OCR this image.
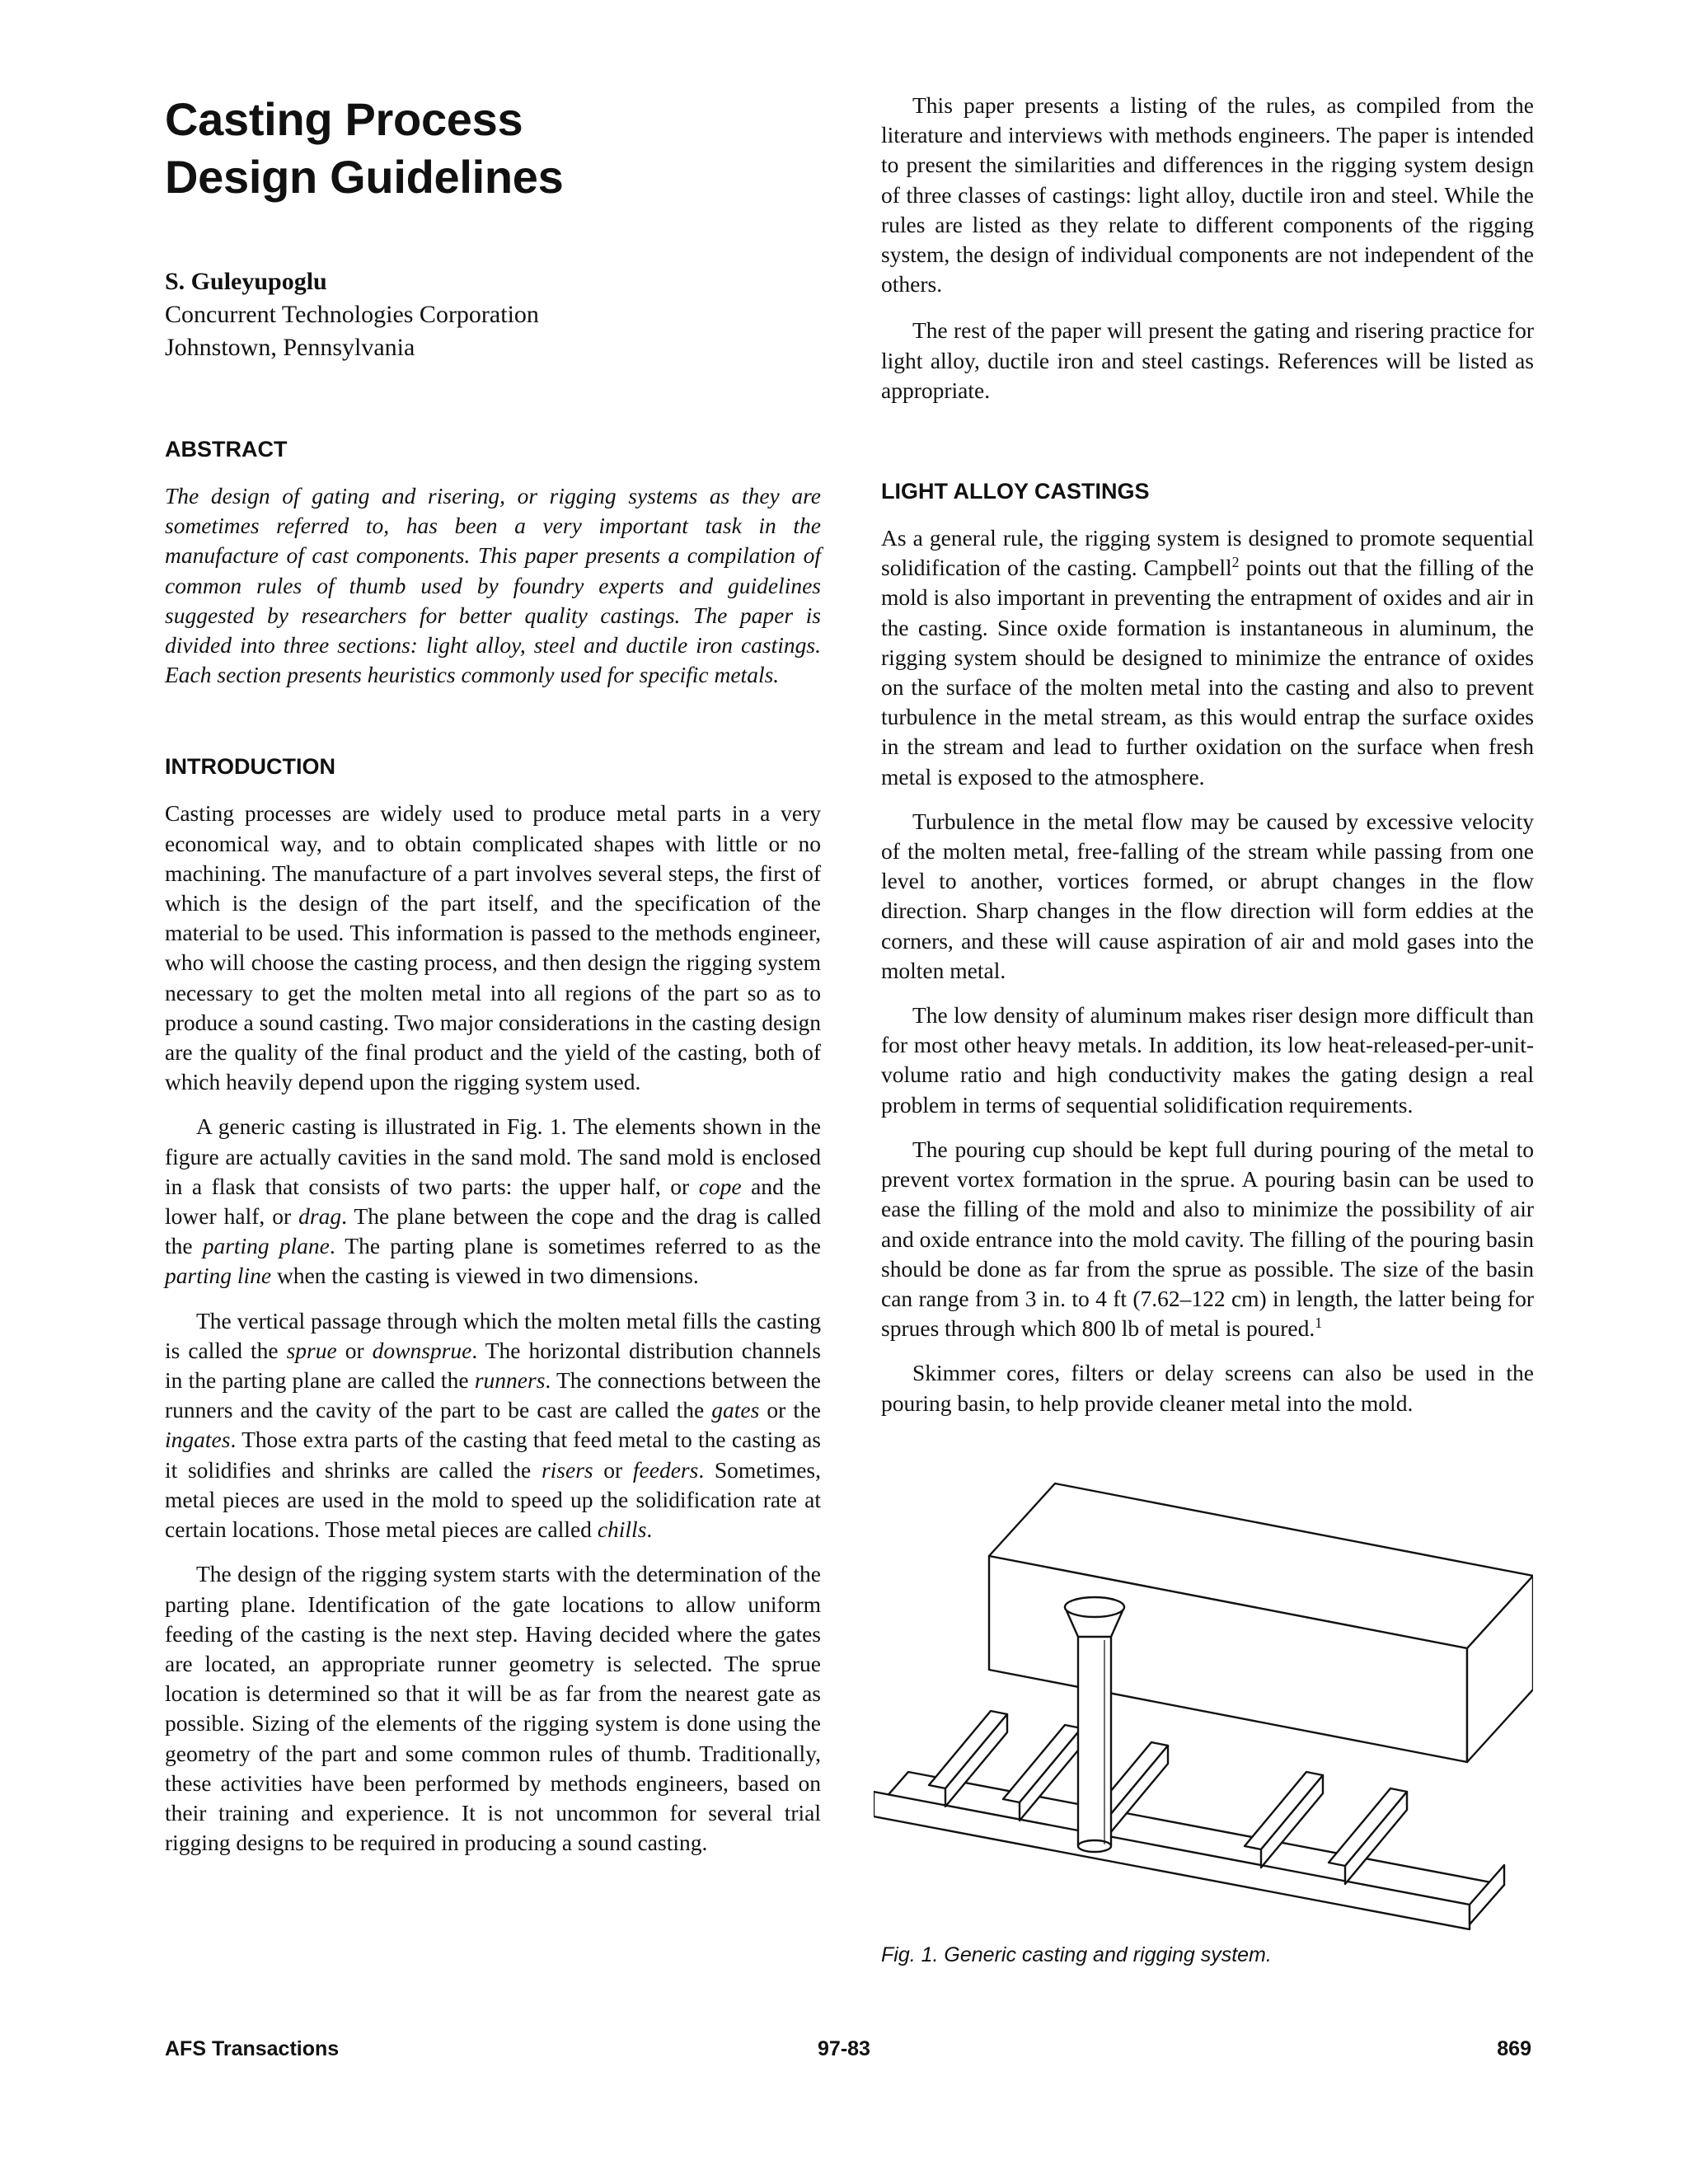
Casting Process
Design Guidelines
S. Guleyupoglu
Concurrent Technologies Corporation
Johnstown, Pennsylvania
ABSTRACT

The design of gating and risering, or rigging systems as they are sometimes referred to, has been a very important task in the manufacture of cast components. This paper presents a compilation of common rules of thumb used by foundry experts and guidelines suggested by researchers for better quality castings. The paper is divided into three sections: light alloy, steel and ductile iron castings. Each section presents heuristics commonly used for specific metals.

INTRODUCTION

Casting processes are widely used to produce metal parts in a very economical way, and to obtain complicated shapes with little or no machining. The manufacture of a part involves several steps, the first of which is the design of the part itself, and the specification of the material to be used. This information is passed to the methods engineer, who will choose the casting process, and then design the rigging system necessary to get the molten metal into all regions of the part so as to produce a sound casting. Two major considerations in the casting design are the quality of the final product and the yield of the casting, both of which heavily depend upon the rigging system used.

A generic casting is illustrated in Fig. 1. The elements shown in the figure are actually cavities in the sand mold. The sand mold is enclosed in a flask that consists of two parts: the upper half, or cope and the lower half, or drag. The plane between the cope and the drag is called the parting plane. The parting plane is sometimes referred to as the parting line when the casting is viewed in two dimensions.

The vertical passage through which the molten metal fills the casting is called the sprue or downsprue. The horizontal distribution channels in the parting plane are called the runners. The connections between the runners and the cavity of the part to be cast are called the gates or the ingates. Those extra parts of the casting that feed metal to the casting as it solidifies and shrinks are called the risers or feeders. Sometimes, metal pieces are used in the mold to speed up the solidification rate at certain locations. Those metal pieces are called chills.

The design of the rigging system starts with the determination of the parting plane. Identification of the gate locations to allow uniform feeding of the casting is the next step. Having decided where the gates are located, an appropriate runner geometry is selected. The sprue location is determined so that it will be as far from the nearest gate as possible. Sizing of the elements of the rigging system is done using the geometry of the part and some common rules of thumb. Traditionally, these activities have been performed by methods engineers, based on their training and experience. It is not uncommon for several trial rigging designs to be required in producing a sound casting.

This paper presents a listing of the rules, as compiled from the literature and interviews with methods engineers. The paper is intended to present the similarities and differences in the rigging system design of three classes of castings: light alloy, ductile iron and steel. While the rules are listed as they relate to different components of the rigging system, the design of individual components are not independent of the others.

The rest of the paper will present the gating and risering practice for light alloy, ductile iron and steel castings. References will be listed as appropriate.

LIGHT ALLOY CASTINGS

As a general rule, the rigging system is designed to promote sequential solidification of the casting. Campbell$^2$ points out that the filling of the mold is also important in preventing the entrapment of oxides and air in the casting. Since oxide formation is instantaneous in aluminum, the rigging system should be designed to minimize the entrance of oxides on the surface of the molten metal into the casting and also to prevent turbulence in the metal stream, as this would entrap the surface oxides in the stream and lead to further oxidation on the surface when fresh metal is exposed to the atmosphere.

Turbulence in the metal flow may be caused by excessive velocity of the molten metal, free-falling of the stream while passing from one level to another, vortices formed, or abrupt changes in the flow direction. Sharp changes in the flow direction will form eddies at the corners, and these will cause aspiration of air and mold gases into the molten metal.

The low density of aluminum makes riser design more difficult than for most other heavy metals. In addition, its low heat-released-per-unit-volume ratio and high conductivity makes the gating design a real problem in terms of sequential solidification requirements.

The pouring cup should be kept full during pouring of the metal to prevent vortex formation in the sprue. A pouring basin can be used to ease the filling of the mold and also to minimize the possibility of air and oxide entrance into the mold cavity. The filling of the pouring basin should be done as far from the sprue as possible. The size of the basin can range from 3 in. to 4 ft (7.62–122 cm) in length, the latter being for sprues through which 800 lb of metal is poured.$^1$

Skimmer cores, filters or delay screens can also be used in the pouring basin, to help provide cleaner metal into the mold.

Fig. 1. Generic casting and rigging system.
AFS Transactions	97-83	869
